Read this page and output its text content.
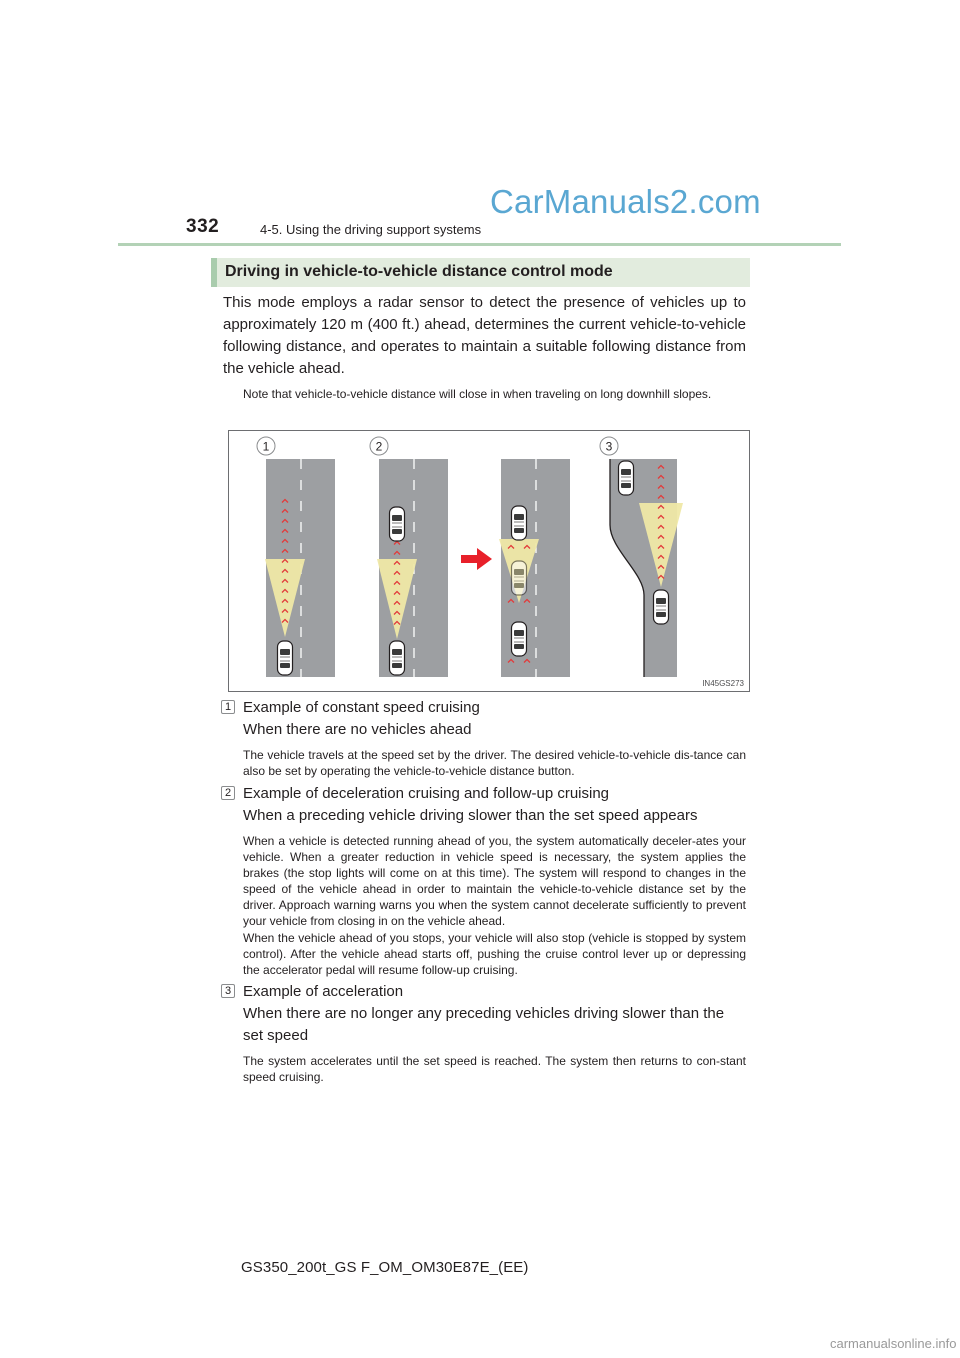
332	4-5. Using the driving support systems
CarManuals2.com
Driving in vehicle-to-vehicle distance control mode
This mode employs a radar sensor to detect the presence of vehicles up to approximately 120 m (400 ft.) ahead, determines the current vehicle-to-vehicle following distance, and operates to maintain a suitable following distance from the vehicle ahead.
Note that vehicle-to-vehicle distance will close in when traveling on long downhill slopes.
1	2	3
IN45GS273
1 Example of constant speed cruising
When there are no vehicles ahead
The vehicle travels at the speed set by the driver. The desired vehicle-to-vehicle dis-tance can also be set by operating the vehicle-to-vehicle distance button.
2 Example of deceleration cruising and follow-up cruising
When a preceding vehicle driving slower than the set speed appears
When a vehicle is detected running ahead of you, the system automatically deceler-ates your vehicle. When a greater reduction in vehicle speed is necessary, the system applies the brakes (the stop lights will come on at this time). The system will respond to changes in the speed of the vehicle ahead in order to maintain the vehicle-to-vehicle distance set by the driver. Approach warning warns you when the system cannot decelerate sufficiently to prevent your vehicle from closing in on the vehicle ahead.
When the vehicle ahead of you stops, your vehicle will also stop (vehicle is stopped by system control). After the vehicle ahead starts off, pushing the cruise control lever up or depressing the accelerator pedal will resume follow-up cruising.
3 Example of acceleration
When there are no longer any preceding vehicles driving slower than the set speed
The system accelerates until the set speed is reached. The system then returns to con-stant speed cruising.
GS350_200t_GS F_OM_OM30E87E_(EE)
carmanualsonline.info
